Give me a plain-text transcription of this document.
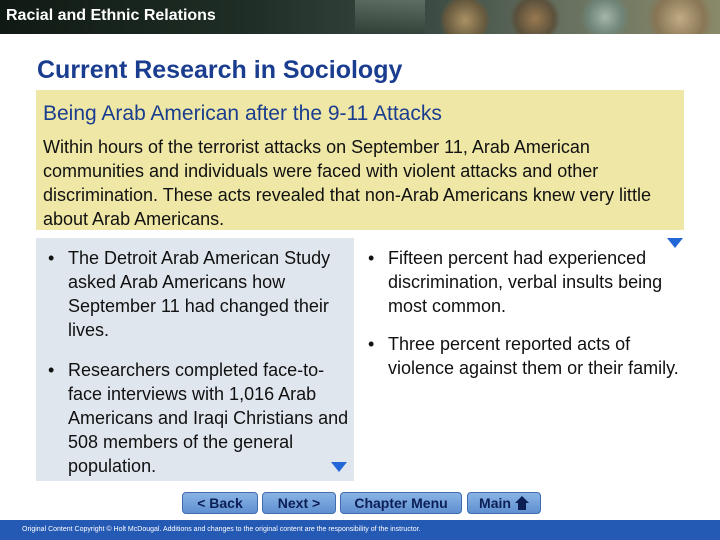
Racial and Ethnic Relations
Current Research in Sociology
Being Arab American after the 9-11 Attacks
Within hours of the terrorist attacks on September 11, Arab American communities and individuals were faced with violent attacks and other discrimination. These acts revealed that non-Arab Americans knew very little about Arab Americans.
• The Detroit Arab American Study asked Arab Americans how September 11 had changed their lives.
• Researchers completed face-to-face interviews with 1,016 Arab Americans and Iraqi Christians and 508 members of the general population.
• Fifteen percent had experienced discrimination, verbal insults being most common.
• Three percent reported acts of violence against them or their family.
< Back	Next >	Chapter Menu	Main
Original Content Copyright © Holt McDougal. Additions and changes to the original content are the responsibility of the instructor.
